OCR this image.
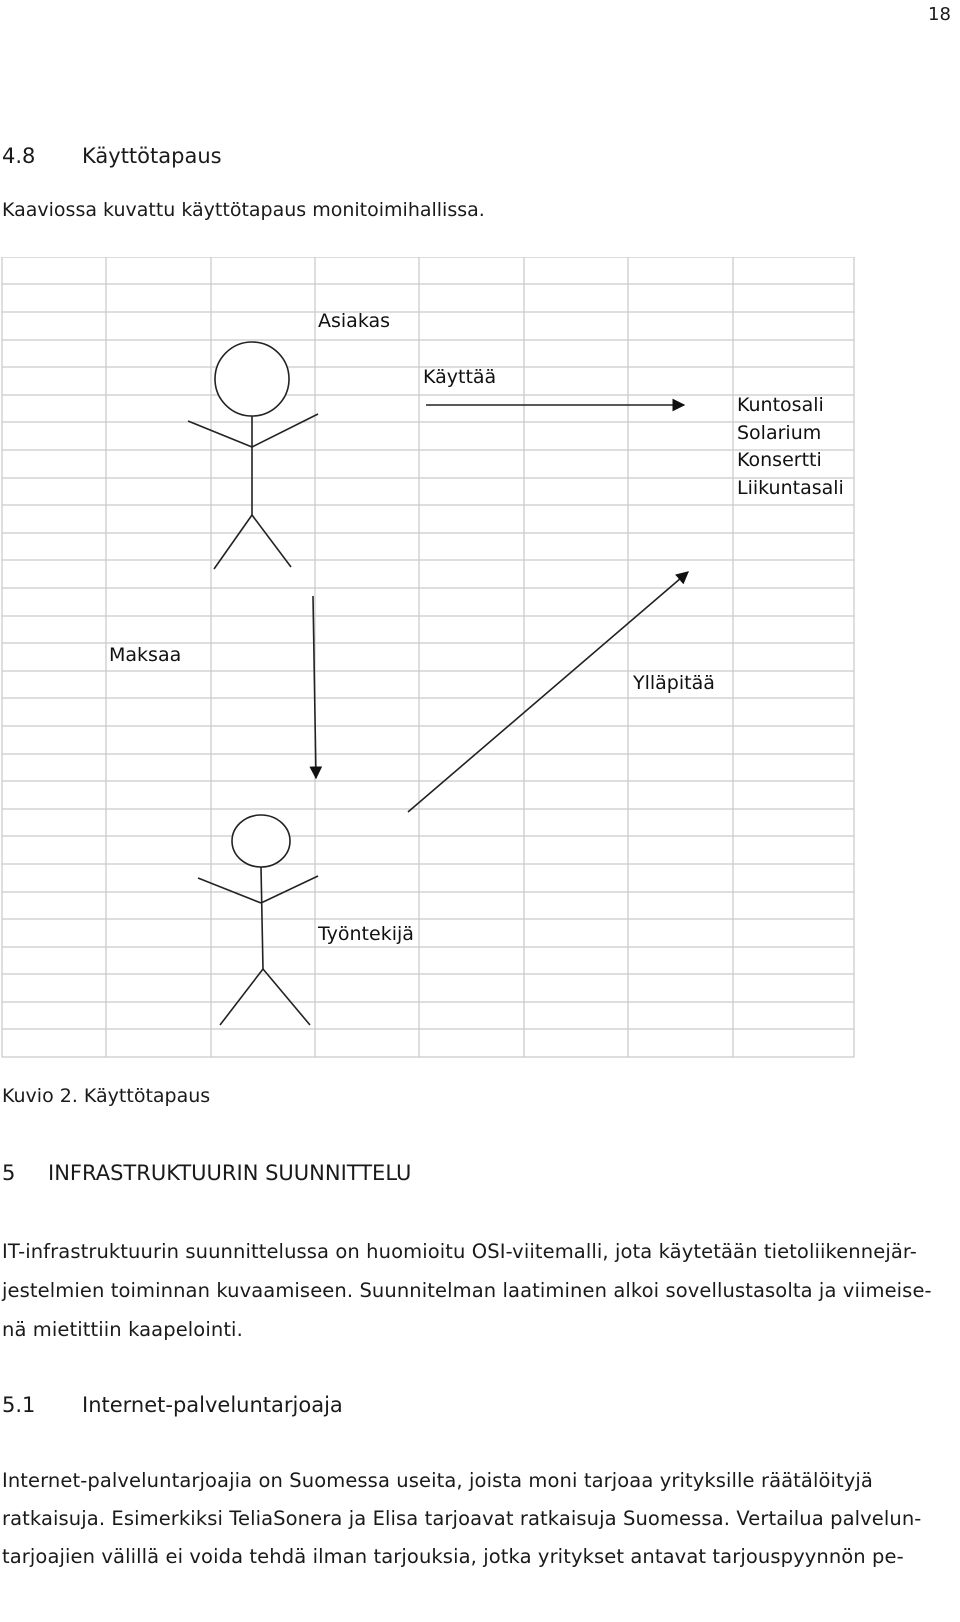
18
4.8 Käyttötapaus
Kaaviossa kuvattu käyttötapaus monitoimihallissa.
Asiakas
Käyttää
Kuntosali
Solarium
Konsertti
Liikuntasali
Maksaa
Ylläpitää
Työntekijä
Kuvio 2. Käyttötapaus
5 INFRASTRUKTUURIN SUUNNITTELU
IT-infrastruktuurin suunnittelussa on huomioitu OSI-viitemalli, jota käytetään tietoliikennejär-
jestelmien toiminnan kuvaamiseen. Suunnitelman laatiminen alkoi sovellustasolta ja viimeise-
nä mietittiin kaapelointi.
5.1 Internet-palveluntarjoaja
Internet-palveluntarjoajia on Suomessa useita, joista moni tarjoaa yrityksille räätälöityjä
ratkaisuja. Esimerkiksi TeliaSonera ja Elisa tarjoavat ratkaisuja Suomessa. Vertailua palvelun-
tarjoajien välillä ei voida tehdä ilman tarjouksia, jotka yritykset antavat tarjouspyynnön pe-
